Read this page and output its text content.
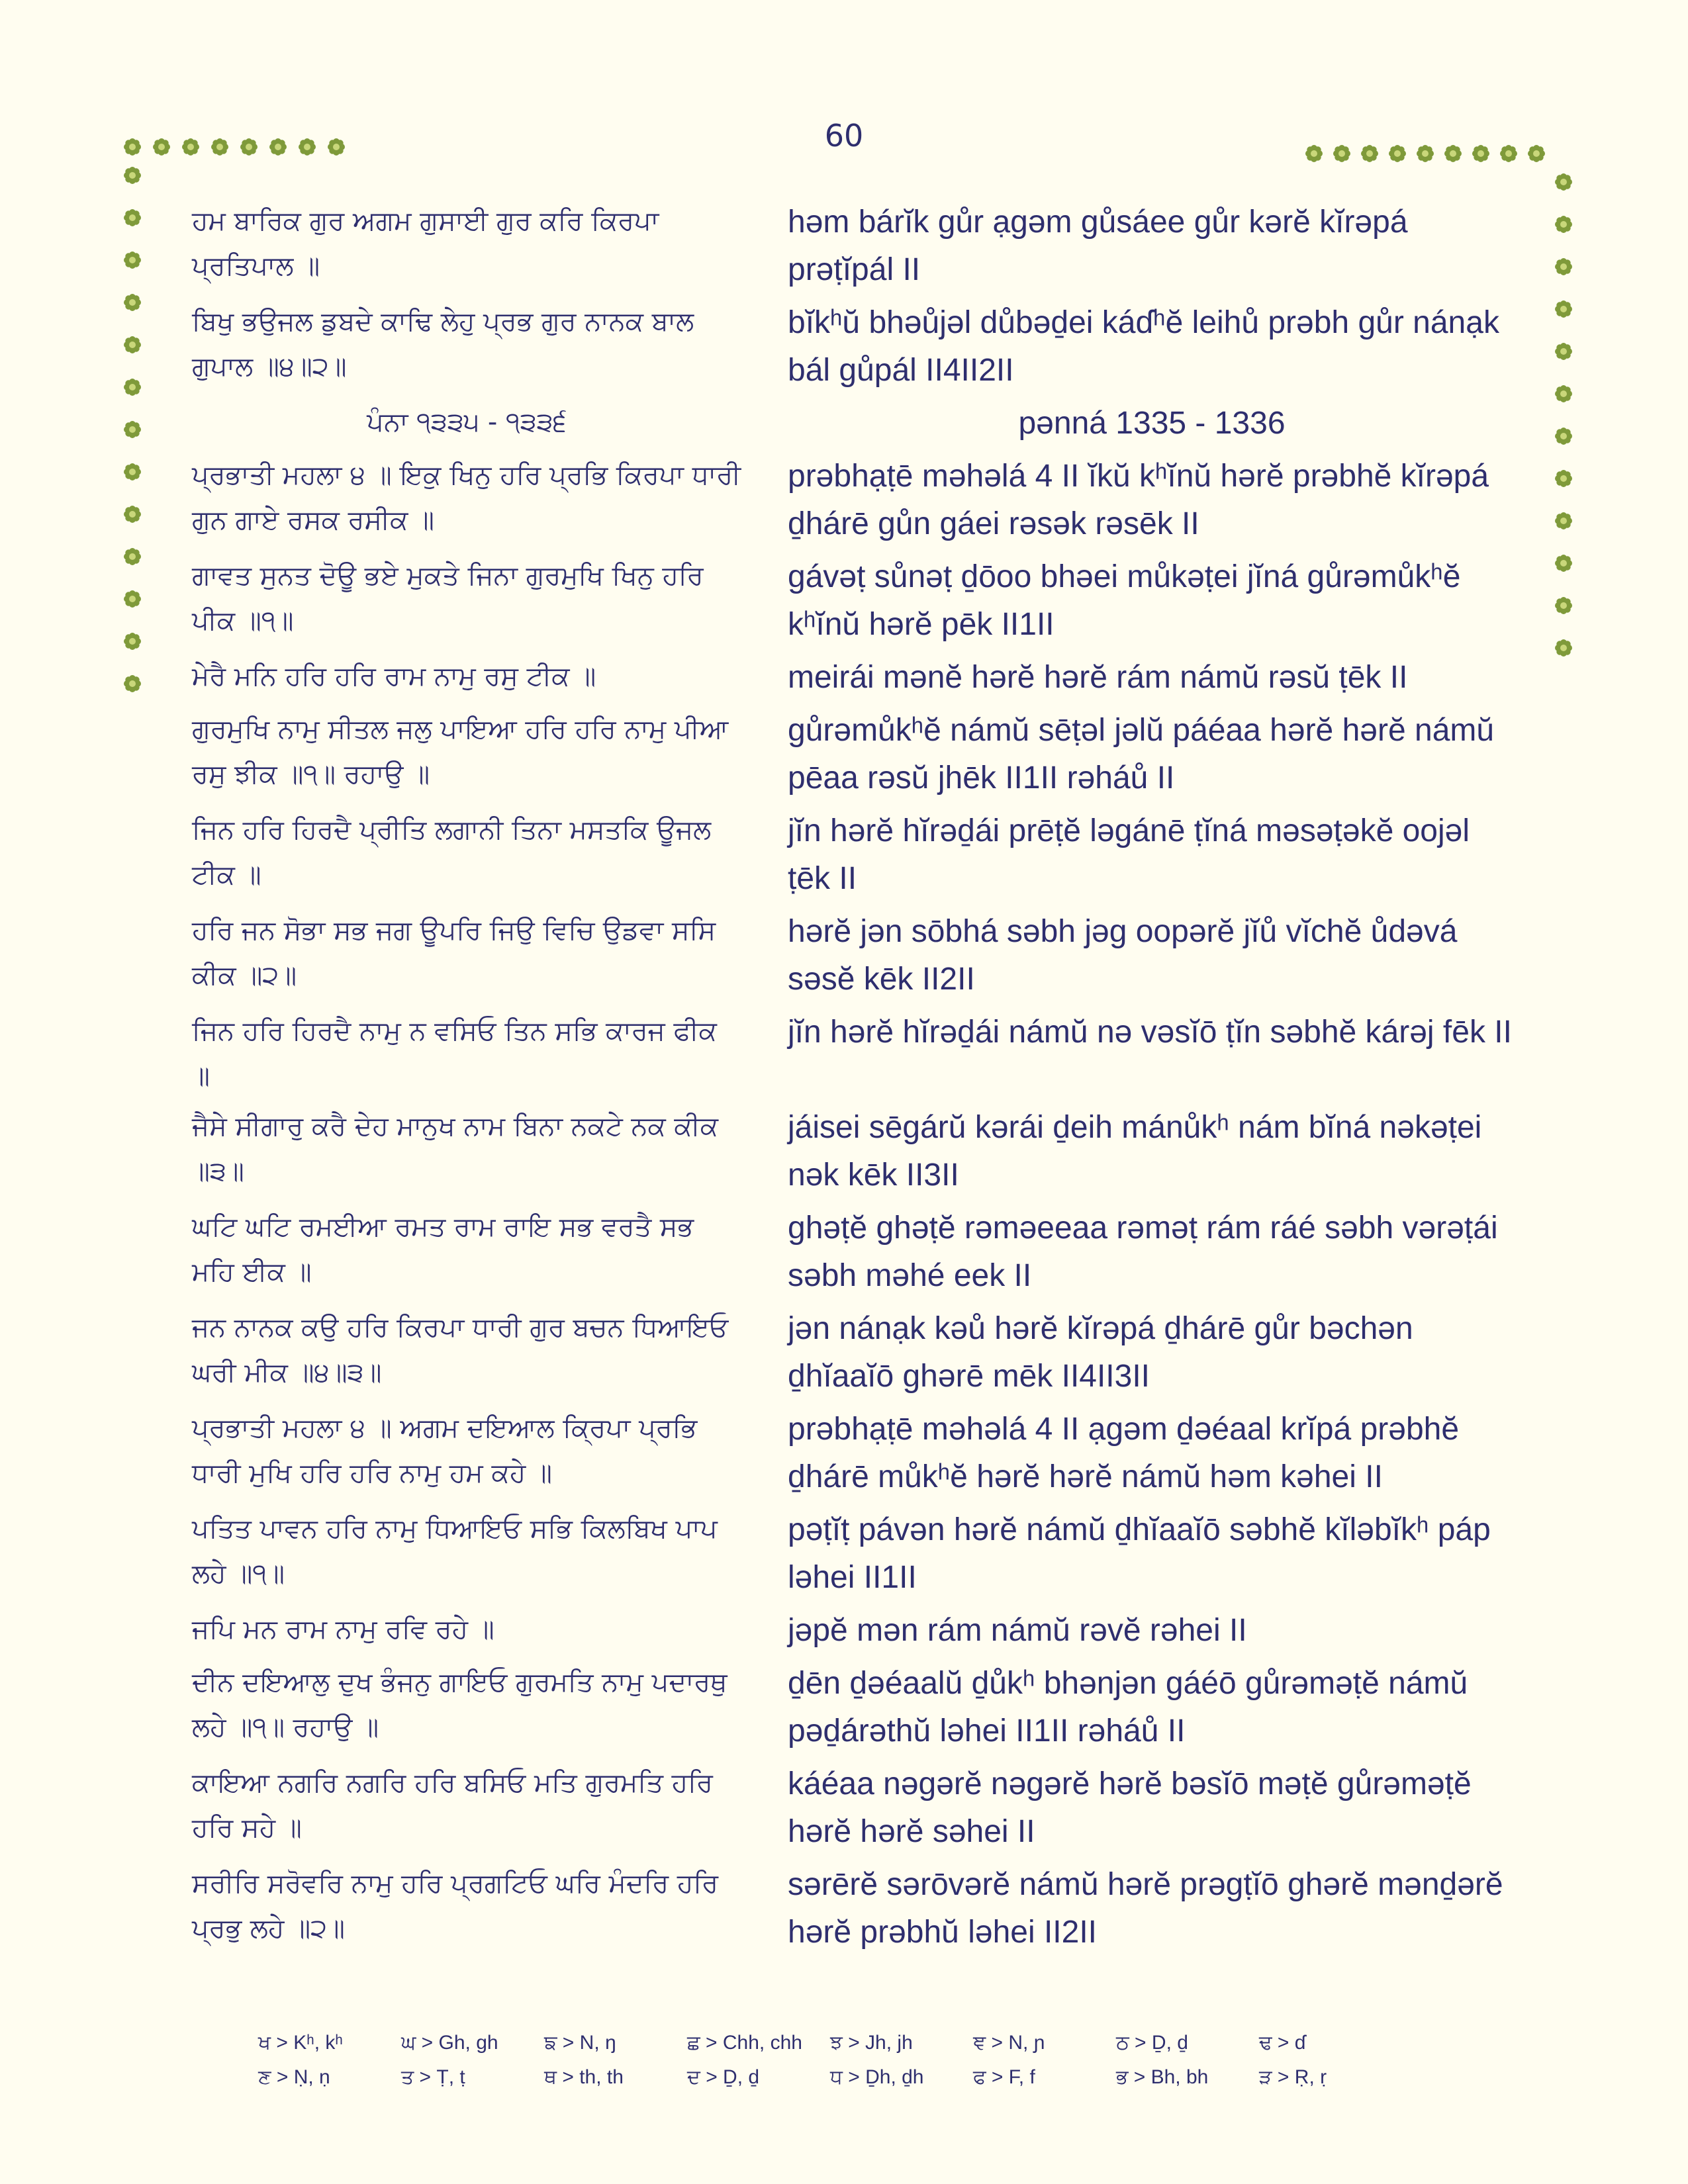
60
ਹਮ ਬਾਰਿਕ ਗੁਰ ਅਗਮ ਗੁਸਾਈ ਗੁਰ ਕਰਿ ਕਿਰਪਾ ਪ੍ਰਤਿਪਾਲ ॥
həm bárĭk gůr ạgəm gůsáee gůr kərĕ kĭrəpá prəṭĭpál II
ਬਿਖੁ ਭਉਜਲ ਡੁਬਦੇ ਕਾਢਿ ਲੇਹੁ ਪ੍ਰਭ ਗੁਰ ਨਾਨਕ ਬਾਲ ਗੁਪਾਲ ॥੪॥੨॥
bĭkʰŭ bhəůjəl důbəḏei káɗʰĕ leihů prəbh gůr nánạk bál gůpál II4II2II
ਪੰਨਾ ੧੩੩੫ - ੧੩੩੬	pənná 1335 - 1336
ਪ੍ਰਭਾਤੀ ਮਹਲਾ ੪ ॥ ਇਕੁ ਖਿਨੁ ਹਰਿ ਪ੍ਰਭਿ ਕਿਰਪਾ ਧਾਰੀ ਗੁਨ ਗਾਏ ਰਸਕ ਰਸੀਕ ॥
prəbhạṭē məhəlá 4 II ĭkŭ kʰĭnŭ hərĕ prəbhĕ kĭrəpá ḏhárē gůn gáei rəsək rəsēk II
ਗਾਵਤ ਸੁਨਤ ਦੋਊ ਭਏ ਮੁਕਤੇ ਜਿਨਾ ਗੁਰਮੁਖਿ ਖਿਨੁ ਹਰਿ ਪੀਕ ॥੧॥
gávəṭ sůnəṭ ḏōoo bhəei můkəṭei jĭná gůrəmůkʰĕ kʰĭnŭ hərĕ pēk II1II
ਮੇਰੈ ਮਨਿ ਹਰਿ ਹਰਿ ਰਾਮ ਨਾਮੁ ਰਸੁ ਟੀਕ ॥	meirái mənĕ hərĕ hərĕ rám námŭ rəsŭ ṭēk II
ਗੁਰਮੁਖਿ ਨਾਮੁ ਸੀਤਲ ਜਲੁ ਪਾਇਆ ਹਰਿ ਹਰਿ ਨਾਮੁ ਪੀਆ ਰਸੁ ਝੀਕ ॥੧॥ ਰਹਾਉ ॥
gůrəmůkʰĕ námŭ sēṭəl jəlŭ páéaa hərĕ hərĕ námŭ pēaa rəsŭ jhēk II1II rəháů II
ਜਿਨ ਹਰਿ ਹਿਰਦੈ ਪ੍ਰੀਤਿ ਲਗਾਨੀ ਤਿਨਾ ਮਸਤਕਿ ਊਜਲ ਟੀਕ ॥
jĭn hərĕ hĭrəḏái prēṭĕ ləgánē ṭĭná məsəṭəkĕ oojəl ṭēk II
ਹਰਿ ਜਨ ਸੋਭਾ ਸਭ ਜਗ ਊਪਰਿ ਜਿਉ ਵਿਚਿ ਉਡਵਾ ਸਸਿ ਕੀਕ ॥੨॥
hərĕ jən sōbhá səbh jəg oopərĕ jĭů vĭchĕ ůdəvá səsĕ kēk II2II
ਜਿਨ ਹਰਿ ਹਿਰਦੈ ਨਾਮੁ ਨ ਵਸਿਓ ਤਿਨ ਸਭਿ ਕਾਰਜ ਫੀਕ ॥
jĭn hərĕ hĭrəḏái námŭ nə vəsĭō ṭĭn səbhĕ kárəj fēk II
ਜੈਸੇ ਸੀਗਾਰੁ ਕਰੈ ਦੇਹ ਮਾਨੁਖ ਨਾਮ ਬਿਨਾ ਨਕਟੇ ਨਕ ਕੀਕ ॥੩॥
jáisei sēgárŭ kərái ḏeih mánůkʰ nám bĭná nəkəṭei nək kēk II3II
ਘਟਿ ਘਟਿ ਰਮਈਆ ਰਮਤ ਰਾਮ ਰਾਇ ਸਭ ਵਰਤੈ ਸਭ ਮਹਿ ਈਕ ॥
ghəṭĕ ghəṭĕ rəməeeaa rəməṭ rám ráé səbh vərəṭái səbh məhé eek II
ਜਨ ਨਾਨਕ ਕਉ ਹਰਿ ਕਿਰਪਾ ਧਾਰੀ ਗੁਰ ਬਚਨ ਧਿਆਇਓ ਘਰੀ ਮੀਕ ॥੪॥੩॥
jən nánạk kəů hərĕ kĭrəpá ḏhárē gůr bəchən ḏhĭaaĭō ghərē mēk II4II3II
ਪ੍ਰਭਾਤੀ ਮਹਲਾ ੪ ॥ ਅਗਮ ਦਇਆਲ ਕ੍ਰਿਪਾ ਪ੍ਰਭਿ ਧਾਰੀ ਮੁਖਿ ਹਰਿ ਹਰਿ ਨਾਮੁ ਹਮ ਕਹੇ ॥
prəbhạṭē məhəlá 4 II ạgəm ḏəéaal krĭpá prəbhĕ ḏhárē můkʰĕ hərĕ hərĕ námŭ həm kəhei II
ਪਤਿਤ ਪਾਵਨ ਹਰਿ ਨਾਮੁ ਧਿਆਇਓ ਸਭਿ ਕਿਲਬਿਖ ਪਾਪ ਲਹੇ ॥੧॥
pəṭĭṭ pávən hərĕ námŭ ḏhĭaaĭō səbhĕ kĭləbĭkʰ páp ləhei II1II
ਜਪਿ ਮਨ ਰਾਮ ਨਾਮੁ ਰਵਿ ਰਹੇ ॥	jəpĕ mən rám námŭ rəvĕ rəhei II
ਦੀਨ ਦਇਆਲੁ ਦੁਖ ਭੰਜਨੁ ਗਾਇਓ ਗੁਰਮਤਿ ਨਾਮੁ ਪਦਾਰਥੁ ਲਹੇ ॥੧॥ ਰਹਾਉ ॥
ḏēn ḏəéaalŭ ḏůkʰ bhənjən gáéō gůrəməṭĕ námŭ pəḏárəthŭ ləhei II1II rəháů II
ਕਾਇਆ ਨਗਰਿ ਨਗਰਿ ਹਰਿ ਬਸਿਓ ਮਤਿ ਗੁਰਮਤਿ ਹਰਿ ਹਰਿ ਸਹੇ ॥
káéaa nəgərĕ nəgərĕ hərĕ bəsĭō məṭĕ gůrəməṭĕ hərĕ hərĕ səhei II
ਸਰੀਰਿ ਸਰੋਵਰਿ ਨਾਮੁ ਹਰਿ ਪ੍ਰਗਟਿਓ ਘਰਿ ਮੰਦਰਿ ਹਰਿ ਪ੍ਰਭੁ ਲਹੇ ॥੨॥
sərērĕ sərōvərĕ námŭ hərĕ prəgṭĭō ghərĕ mənḏərĕ hərĕ prəbhŭ ləhei II2II
ਖ > Kʰ, kʰ	ਘ > Gh, gh	ਙ > N, ŋ	ਛ > Chh, chh	ਝ > Jh, jh	ਞ > N, ɲ	ਠ > Ḏ, ḏ	ਢ > ɗ
ਣ > Ṇ, ṇ	ਤ > Ṭ, ṭ	ਥ > th, th	ਦ > Ḏ, ḏ	ਧ > Ḏh, ḏh	ਫ > F, f	ਭ > Bh, bh	ੜ > Ṛ, ṛ
